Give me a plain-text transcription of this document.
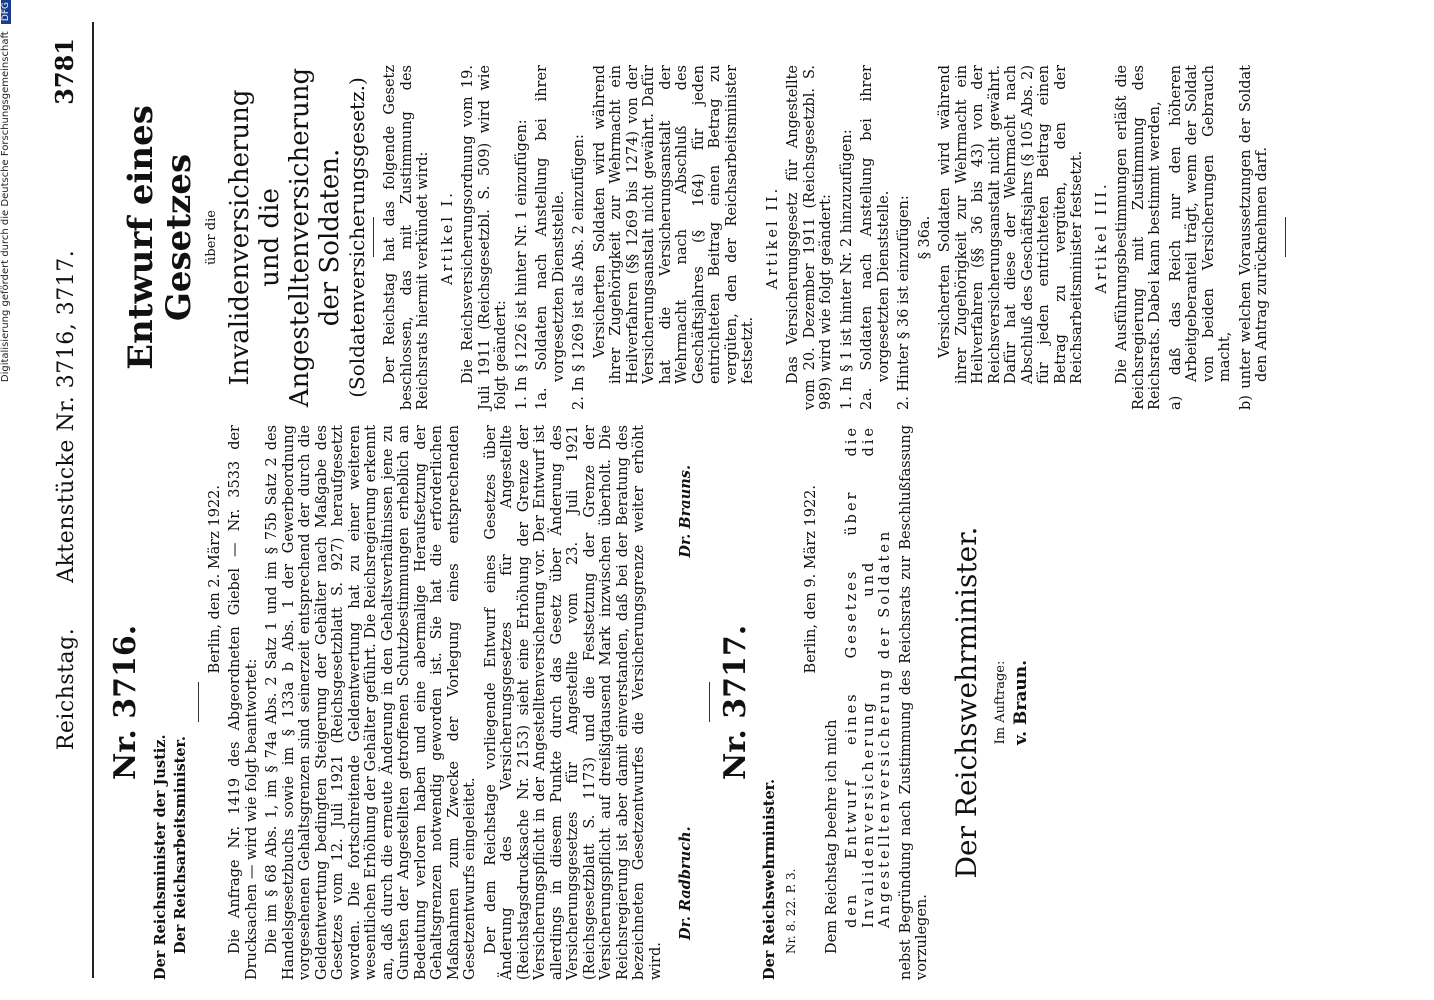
Digitalisierung gefördert durch die Deutsche Forschungsgemeinschaft DFG
Reichstag.      Aktenstücke Nr. 3716, 3717.
3781
Nr. 3716.

Der Reichsminister der Justiz. Der Reichsarbeitsminister.

Berlin, den 2. März 1922. Die Anfrage Nr. 1419 des Abgeordneten Giebel — Nr. 3533 der Drucksachen — wird wie folgt beantwortet: Die im § 68 Abs. 1, im § 74a Abs. 2 Satz 1 und im § 75b Satz 2 des Handelsgesetzbuchs sowie im § 133a b Abs. 1 der Gewerbeordnung vorgesehenen Gehaltsgrenzen sind seinerzeit entsprechend der durch die Geldentwertung bedingten Steigerung der Gehälter nach Maßgabe des Gesetzes vom 12. Juli 1921 (Reichsgesetzblatt S. 927) heraufgesetzt worden. Die fortschreitende Geldentwertung hat zu einer weiteren wesentlichen Erhöhung der Gehälter geführt. Die Reichsregierung erkennt an, daß durch die erneute Änderung in den Gehaltsverhältnissen jene zu Gunsten der Angestellten getroffenen Schutzbestimmungen erheblich an Bedeutung verloren haben und eine abermalige Heraufsetzung der Gehaltsgrenzen notwendig geworden ist. Sie hat die erforderlichen Maßnahmen zum Zwecke der Vorlegung eines entsprechenden Gesetzentwurfs eingeleitet. Der dem Reichstage vorliegende Entwurf eines Gesetzes über Änderung des Versicherungsgesetzes für Angestellte (Reichstagsdrucksache Nr. 2153) sieht eine Erhöhung der Grenze der Versicherungspflicht in der Angestelltenversicherung vor. Der Entwurf ist allerdings in diesem Punkte durch das Gesetz über Änderung des Versicherungsgesetzes für Angestellte vom 23. Juli 1921 (Reichsgesetzblatt S. 1173) und die Festsetzung der Grenze der Versicherungspflicht auf dreißigtausend Mark inzwischen überholt. Die Reichsregierung ist aber damit einverstanden, daß bei der Beratung des bezeichneten Gesetzentwurfes die Versicherungsgrenze weiter erhöht wird.

Dr. Radbruch.
Dr. Brauns.
Nr. 3717.

Der Reichswehrminister. Nr. 8. 22. P. 3.

Berlin, den 9. März 1922.

Dem Reichstag beehre ich mich den Entwurf eines Gesetzes über die Invalidenversicherung und die Angestelltenversicherung der Soldaten nebst Begründung nach Zustimmung des Reichsrats zur Beschlußfassung vorzulegen.

Der Reichswehrminister. Im Auftrage: v. Braun.

Entwurf eines Gesetzes über die Invalidenversicherung und die Angestelltenversicherung der Soldaten. (Soldatenversicherungsgesetz.) Der Reichstag hat das folgende Gesetz beschlossen, das mit Zustimmung des Reichsrats hiermit verkündet wird: Artikel I. Die Reichsversicherungsordnung vom 19. Juli 1911 (Reichsgesetzbl. S. 509) wird wie folgt geändert: 1. In § 1226 ist hinter Nr. 1 einzufügen: 1a. Soldaten nach Anstellung bei ihrer vorgesetzten Dienststelle. 2. In § 1269 ist als Abs. 2 einzufügen: Versicherten Soldaten wird während ihrer Zugehörigkeit zur Wehrmacht ein Heilverfahren (§§ 1269 bis 1274) von der Versicherungsanstalt nicht gewährt. Dafür hat die Versicherungsanstalt der Wehrmacht nach Abschluß des Geschäftsjahres (§ 164) für jeden entrichteten Beitrag einen Betrag zu vergüten, den der Reichsarbeitsminister festsetzt.

Artikel II. Das Versicherungsgesetz für Angestellte vom 20. Dezember 1911 (Reichsgesetzbl. S. 989) wird wie folgt geändert: 1. In § 1 ist hinter Nr. 2 hinzuzufügen: 2a. Soldaten nach Anstellung bei ihrer vorgesetzten Dienststelle. 2. Hinter § 36 ist einzufügen: § 36a. Versicherten Soldaten wird während ihrer Zugehörigkeit zur Wehrmacht ein Heilverfahren (§§ 36 bis 43) von der Reichsversicherungsanstalt nicht gewährt. Dafür hat diese der Wehrmacht nach Abschluß des Geschäftsjahrs (§ 105 Abs. 2) für jeden entrichteten Beitrag einen Betrag zu vergüten, den der Reichsarbeitsminister festsetzt. Artikel III. Die Ausführungsbestimmungen erläßt die Reichsregierung mit Zustimmung des Reichsrats. Dabei kann bestimmt werden, a) daß das Reich nur den höheren Arbeitgeberanteil trägt, wenn der Soldat von beiden Versicherungen Gebrauch macht, b) unter welchen Voraussetzungen der Soldat den Antrag zurücknehmen darf.
